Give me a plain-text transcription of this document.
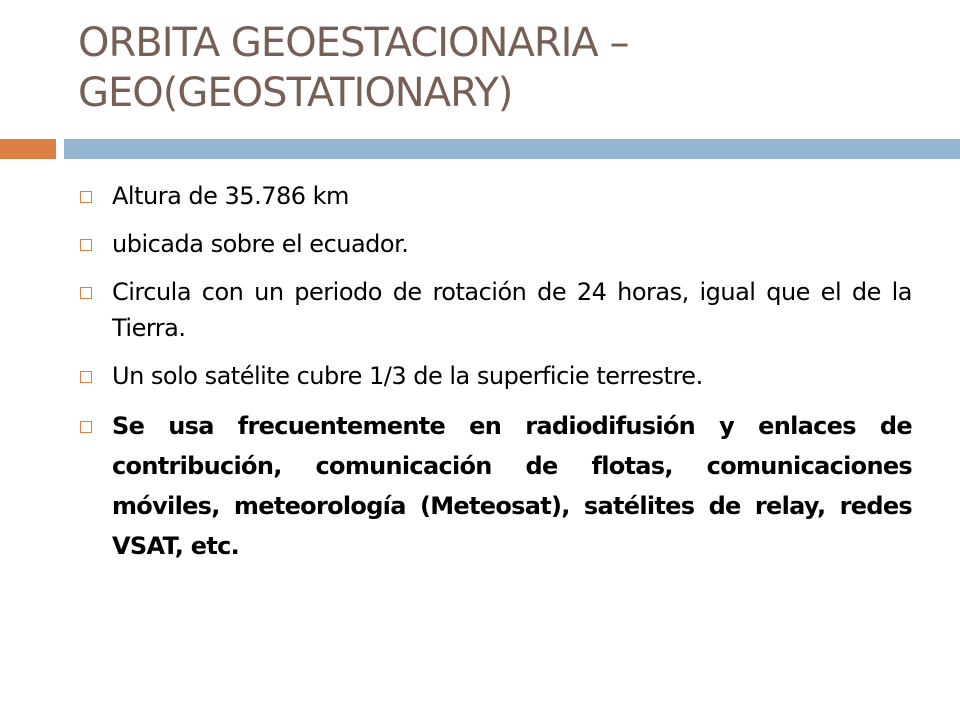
ORBITA GEOESTACIONARIA –
GEO(GEOSTATIONARY)
Altura de 35.786 km
ubicada sobre el ecuador.
Circula con un periodo de rotación de 24 horas, igual que el de la Tierra.
Un solo satélite cubre 1/3 de la superficie terrestre.
Se usa frecuentemente en radiodifusión y enlaces de contribución, comunicación de flotas, comunicaciones móviles, meteorología (Meteosat), satélites de relay, redes VSAT, etc.
